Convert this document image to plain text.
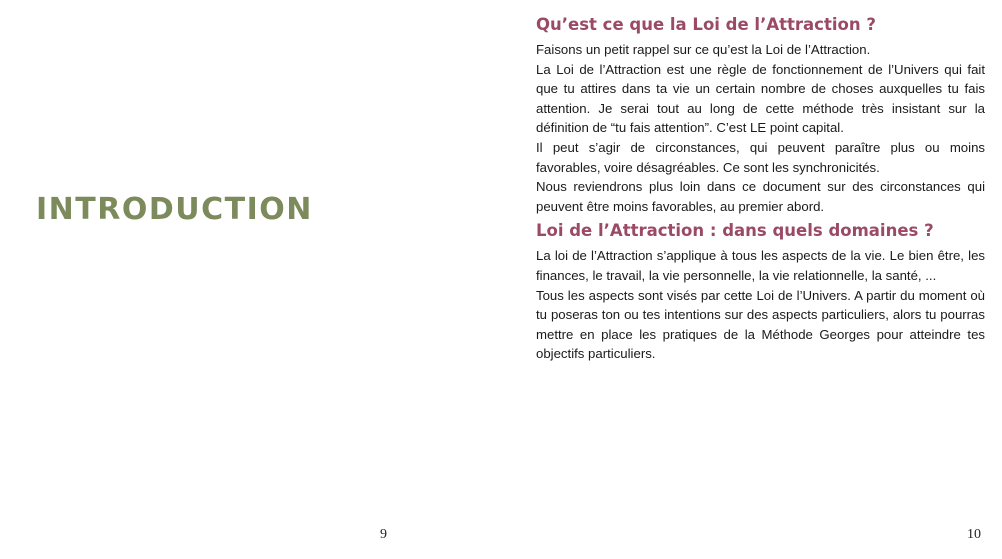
INTRODUCTION
9
Qu’est ce que la Loi de l’Attraction ?

Faisons un petit rappel sur ce qu’est la Loi de l’Attraction.

La Loi de l’Attraction est une règle de fonctionnement de l’Univers qui fait que tu attires dans ta vie un certain nombre de choses auxquelles tu fais attention. Je serai tout au long de cette méthode très insistant sur la définition de “tu fais attention”. C’est LE point capital.

Il peut s’agir de circonstances, qui peuvent paraître plus ou moins favorables, voire désagréables. Ce sont les synchronicités.

Nous reviendrons plus loin dans ce document sur des circonstances qui peuvent être moins favorables, au premier abord.

Loi de l’Attraction : dans quels domaines ?

La loi de l’Attraction s’applique à tous les aspects de la vie. Le bien être, les finances, le travail, la vie personnelle, la vie relationnelle, la santé, ...

Tous les aspects sont visés par cette Loi de l’Univers. A partir du moment où tu poseras ton ou tes intentions sur des aspects particuliers, alors tu pourras mettre en place les pratiques de la Méthode Georges pour atteindre tes objectifs particuliers.

10
